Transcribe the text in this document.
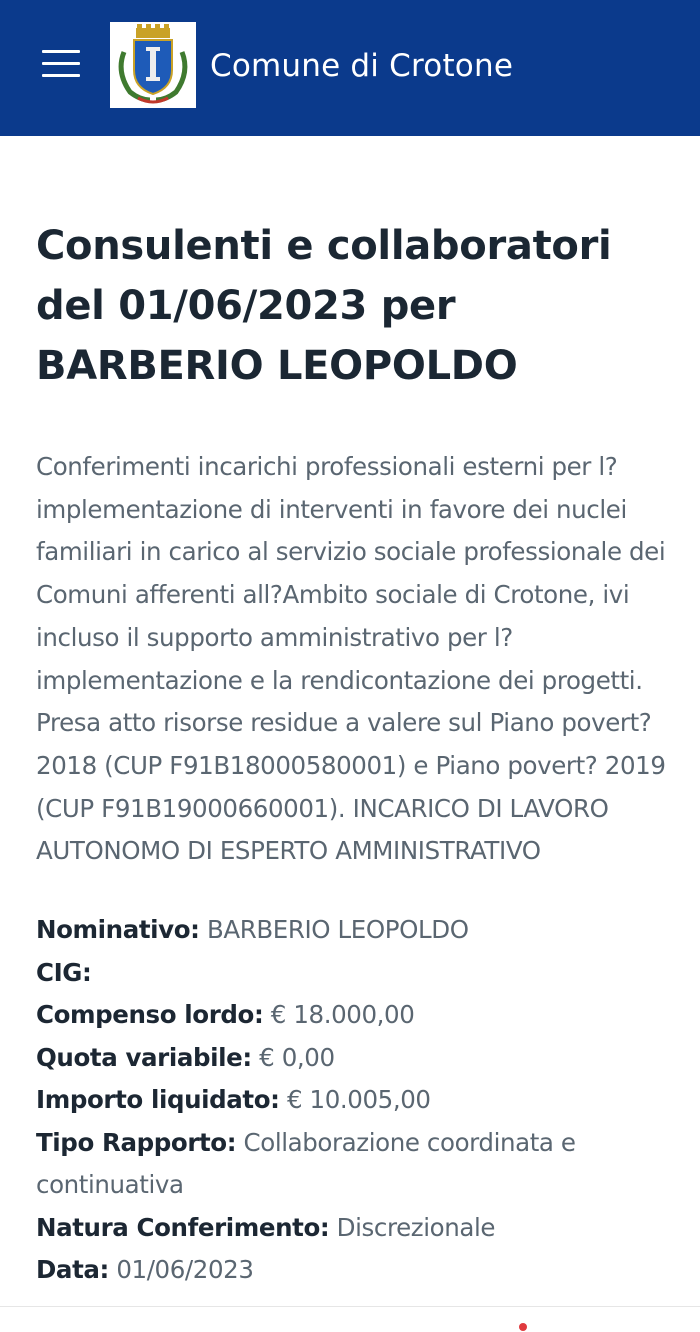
Comune di Crotone
Consulenti e collaboratori del 01/06/2023 per BARBERIO LEOPOLDO

Conferimenti incarichi professionali esterni per l? implementazione di interventi in favore dei nuclei familiari in carico al servizio sociale professionale dei Comuni afferenti all?Ambito sociale di Crotone, ivi incluso il supporto amministrativo per l? implementazione e la rendicontazione dei progetti. Presa atto risorse residue a valere sul Piano povert? 2018 (CUP F91B18000580001) e Piano povert? 2019 (CUP F91B19000660001). INCARICO DI LAVORO AUTONOMO DI ESPERTO AMMINISTRATIVO

Nominativo: BARBERIO LEOPOLDO
CIG:
Compenso lordo: € 18.000,00
Quota variabile: € 0,00
Importo liquidato: € 10.005,00
Tipo Rapporto: Collaborazione coordinata e continuativa
Natura Conferimento: Discrezionale
Data: 01/06/2023
